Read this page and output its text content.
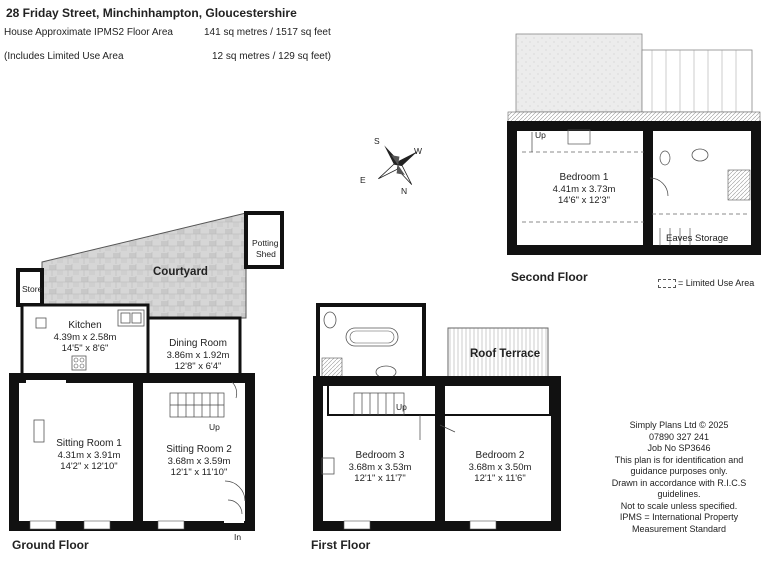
28 Friday Street, Minchinhampton, Gloucestershire
House Approximate IPMS2 Floor Area	141 sq metres / 1517 sq feet
(Includes Limited Use Area	12 sq metres / 129 sq feet)
S
W
E
N
Courtyard
Potting
Shed
Store
Kitchen
4.39m x 2.58m
14'5" x 8'6"	Dining Room
3.86m x 1.92m
12'8" x 6'4"
Sitting Room 1
4.31m x 3.91m
14'2" x 12'10"
Sitting Room 2
3.68m x 3.59m
12'1" x 11'10"
Up
In
Ground Floor
Roof Terrace
Up
Bedroom 3
3.68m x 3.53m
12'1" x 11'7"
Bedroom 2
3.68m x 3.50m
12'1" x 11'6"
First Floor
Up
Bedroom 1
4.41m x 3.73m
14'6" x 12'3"
Eaves Storage
Second Floor	= Limited Use Area
Simply Plans Ltd © 2025
07890 327 241
Job No SP3646
This plan is for identification and
guidance purposes only.
Drawn in accordance with R.I.C.S
guidelines.
Not to scale unless specified.
IPMS = International Property
Measurement Standard
